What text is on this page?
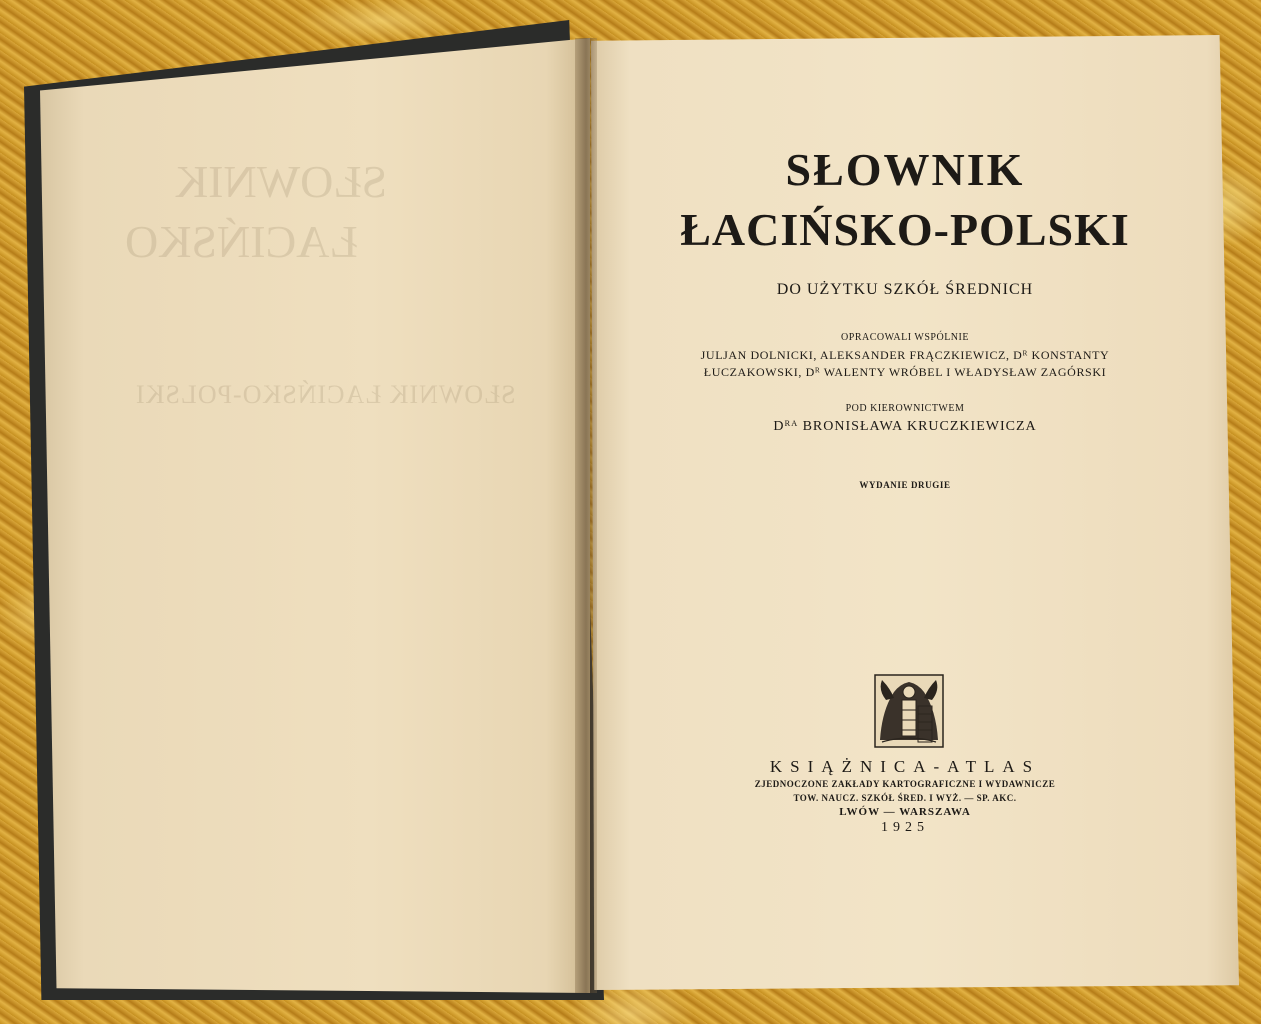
SŁOWNIK
ŁACIŃSKO
SŁOWNIK ŁACIŃSKO-POLSKI
SŁOWNIK
ŁACIŃSKO-POLSKI
DO UŻYTKU SZKÓŁ ŚREDNICH
OPRACOWALI WSPÓLNIE
JULJAN DOLNICKI, ALEKSANDER FRĄCZKIEWICZ, Dᴿ KONSTANTY
ŁUCZAKOWSKI, Dᴿ WALENTY WRÓBEL I WŁADYSŁAW ZAGÓRSKI
POD KIEROWNICTWEM
Dᴿᴬ BRONISŁAWA KRUCZKIEWICZA
WYDANIE DRUGIE
KSIĄŻNICA-ATLAS
ZJEDNOCZONE ZAKŁADY KARTOGRAFICZNE I WYDAWNICZE
TOW. NAUCZ. SZKÓŁ ŚRED. I WYŻ. — SP. AKC.
LWÓW — WARSZAWA
1925
